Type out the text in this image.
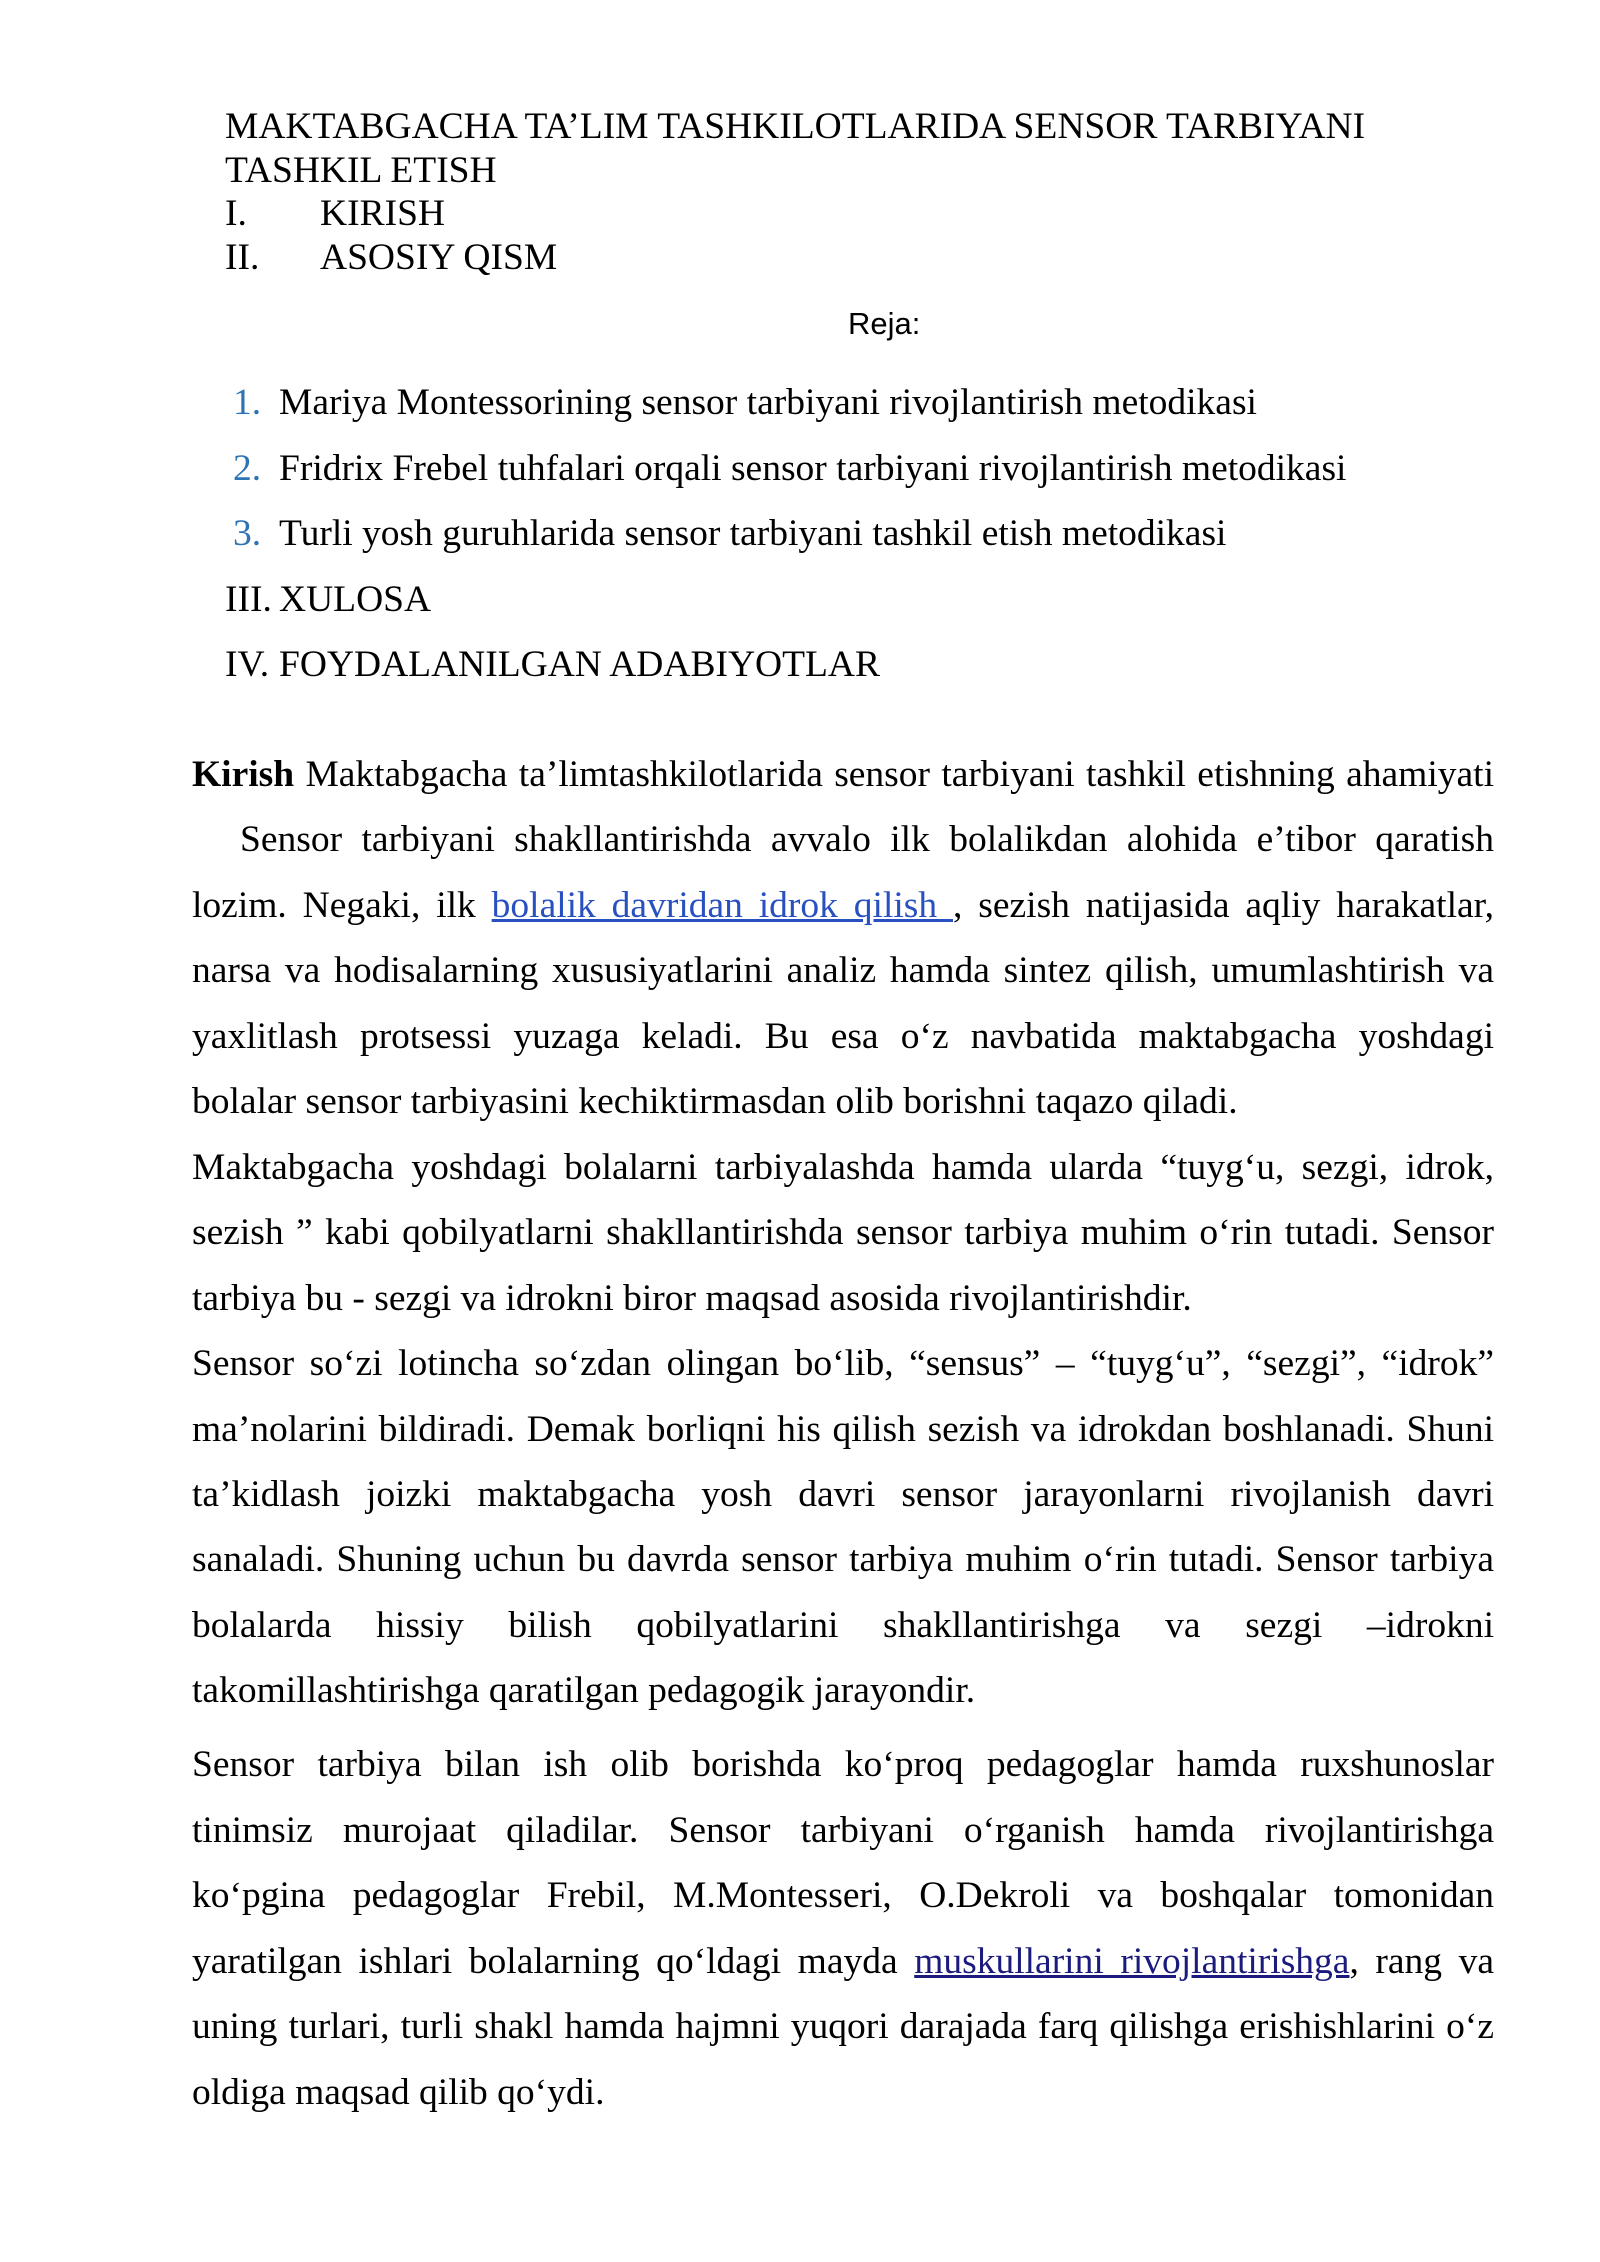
MAKTABGACHA TA’LIM TASHKILOTLARIDA SENSOR TARBIYANI
TASHKIL ETISH
I.	KIRISH
II.	ASOSIY QISM
Reja:
1. Mariya Montessorining sensor tarbiyani rivojlantirish metodikasi
2. Fridrix Frebel tuhfalari orqali sensor tarbiyani rivojlantirish metodikasi
3. Turli yosh guruhlarida sensor tarbiyani tashkil etish metodikasi
III. XULOSA
IV. FOYDALANILGAN ADABIYOTLAR
Kirish Maktabgacha ta’limtashkilotlarida sensor tarbiyani tashkil etishning ahamiyati
Sensor tarbiyani shakllantirishda avvalo ilk bolalikdan alohida e’tibor qaratish
lozim. Negaki, ilk bolalik davridan idrok qilish , sezish natijasida aqliy harakatlar,
narsa va hodisalarning xususiyatlarini analiz hamda sintez qilish, umumlashtirish va
yaxlitlash protsessi yuzaga keladi. Bu esa o‘z navbatida maktabgacha yoshdagi
bolalar sensor tarbiyasini kechiktirmasdan olib borishni taqazo qiladi.
Maktabgacha yoshdagi bolalarni tarbiyalashda hamda ularda “tuyg‘u, sezgi, idrok,
sezish ” kabi qobilyatlarni shakllantirishda sensor tarbiya muhim o‘rin tutadi. Sensor
tarbiya bu - sezgi va idrokni biror maqsad asosida rivojlantirishdir.
Sensor so‘zi lotincha so‘zdan olingan bo‘lib, “sensus” – “tuyg‘u”, “sezgi”, “idrok”
ma’nolarini bildiradi. Demak borliqni his qilish sezish va idrokdan boshlanadi. Shuni
ta’kidlash joizki maktabgacha yosh davri sensor jarayonlarni rivojlanish davri
sanaladi. Shuning uchun bu davrda sensor tarbiya muhim o‘rin tutadi. Sensor tarbiya
bolalarda hissiy bilish qobilyatlarini shakllantirishga va sezgi –idrokni
takomillashtirishga qaratilgan pedagogik jarayondir.
Sensor tarbiya bilan ish olib borishda ko‘proq pedagoglar hamda ruxshunoslar
tinimsiz murojaat qiladilar. Sensor tarbiyani o‘rganish hamda rivojlantirishga
ko‘pgina pedagoglar Frebil, M.Montesseri, O.Dekroli va boshqalar tomonidan
yaratilgan ishlari bolalarning qo‘ldagi mayda muskullarini rivojlantirishga, rang va
uning turlari, turli shakl hamda hajmni yuqori darajada farq qilishga erishishlarini o‘z
oldiga maqsad qilib qo‘ydi.
